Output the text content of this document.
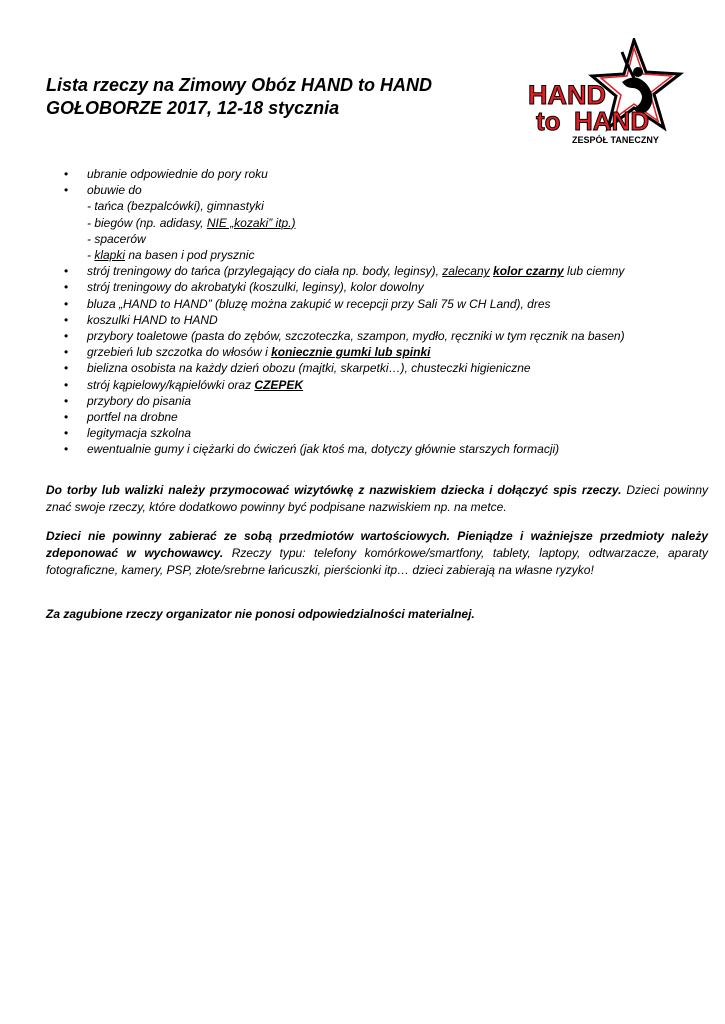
Lista rzeczy na Zimowy Obóz HAND to HAND
GOŁOBORZE 2017, 12-18 stycznia	HAND
to HAND
ZESPÓŁ TANECZNY
• ubranie odpowiednie do pory roku
• obuwie do
- tańca (bezpalcówki), gimnastyki
- biegów (np. adidasy, NIE „kozaki” itp.)
- spacerów
- klapki na basen i pod prysznic
• strój treningowy do tańca (przylegający do ciała np. body, leginsy), zalecany kolor czarny lub ciemny
• strój treningowy do akrobatyki (koszulki, leginsy), kolor dowolny
• bluza „HAND to HAND” (bluzę można zakupić w recepcji przy Sali 75 w CH Land), dres
• koszulki HAND to HAND
• przybory toaletowe (pasta do zębów, szczoteczka, szampon, mydło, ręczniki w tym ręcznik na basen)
• grzebień lub szczotka do włosów i koniecznie gumki lub spinki
• bielizna osobista na każdy dzień obozu (majtki, skarpetki…), chusteczki higieniczne
• strój kąpielowy/kąpielówki oraz CZEPEK
• przybory do pisania
• portfel na drobne
• legitymacja szkolna
• ewentualnie gumy i ciężarki do ćwiczeń (jak ktoś ma, dotyczy głównie starszych formacji)

Do torby lub walizki należy przymocować wizytówkę z nazwiskiem dziecka i dołączyć spis rzeczy. Dzieci powinny znać swoje rzeczy, które dodatkowo powinny być podpisane nazwiskiem np. na metce.

Dzieci nie powinny zabierać ze sobą przedmiotów wartościowych. Pieniądze i ważniejsze przedmioty należy zdeponować w wychowawcy. Rzeczy typu: telefony komórkowe/smartfony, tablety, laptopy, odtwarzacze, aparaty fotograficzne, kamery, PSP, złote/srebrne łańcuszki, pierścionki itp… dzieci zabierają na własne ryzyko!

Za zagubione rzeczy organizator nie ponosi odpowiedzialności materialnej.
